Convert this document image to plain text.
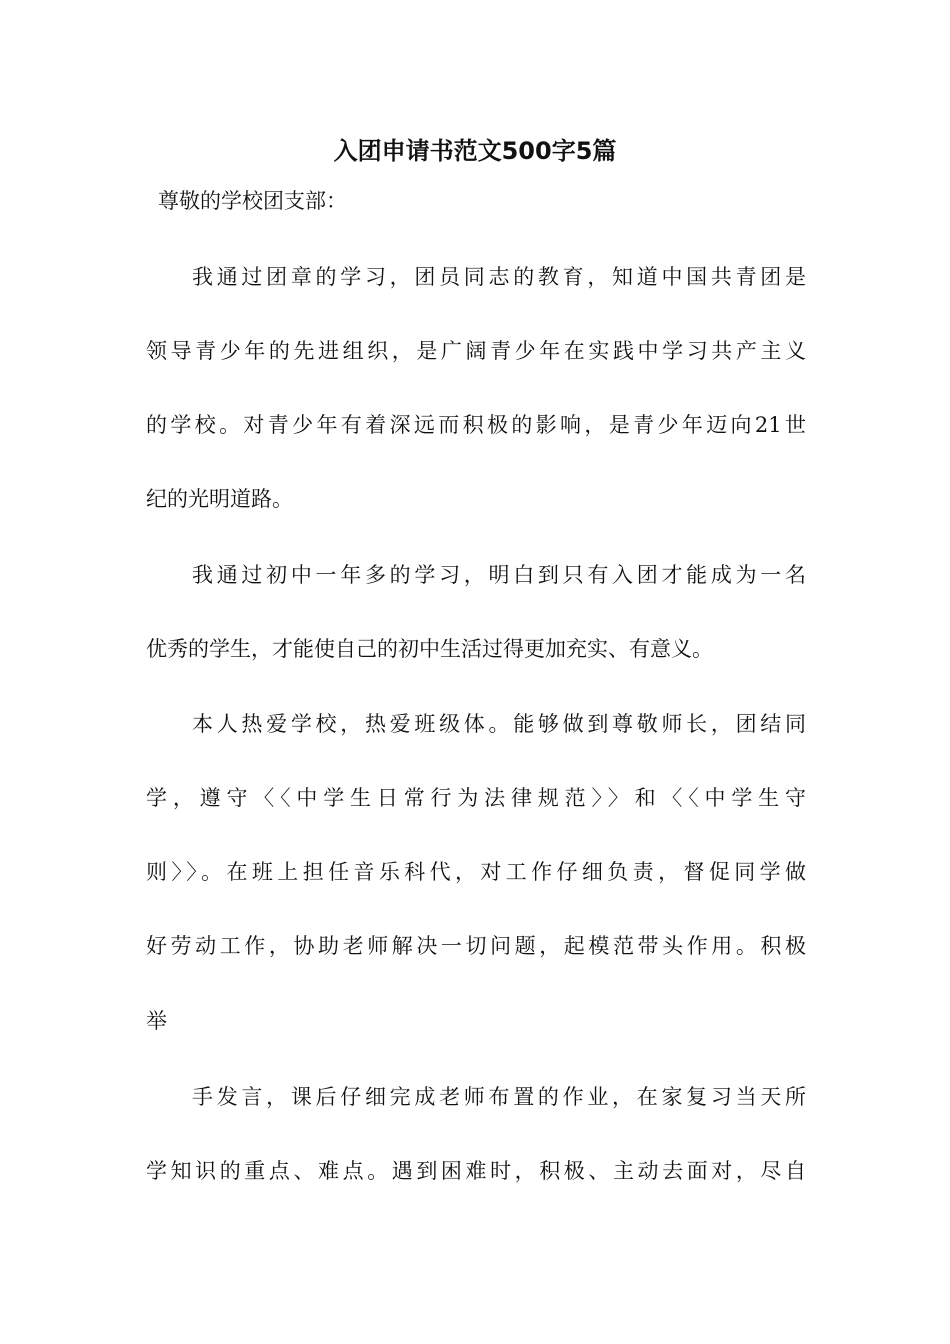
入团申请书范文500字5篇
尊敬的学校团支部：
我通过团章的学习，团员同志的教育，知道中国共青团是
领导青少年的先进组织，是广阔青少年在实践中学习共产主义
的学校。对青少年有着深远而积极的影响，是青少年迈向21世
纪的光明道路。
我通过初中一年多的学习，明白到只有入团才能成为一名
优秀的学生，才能使自己的初中生活过得更加充实、有意义。
本人热爱学校，热爱班级体。能够做到尊敬师长，团结同
学，遵守〈〈中学生日常行为法律规范〉〉和〈〈中学生守
则〉〉。在班上担任音乐科代，对工作仔细负责，督促同学做
好劳动工作，协助老师解决一切问题，起模范带头作用。积极
举
手发言，课后仔细完成老师布置的作业，在家复习当天所
学知识的重点、难点。遇到困难时，积极、主动去面对，尽自
